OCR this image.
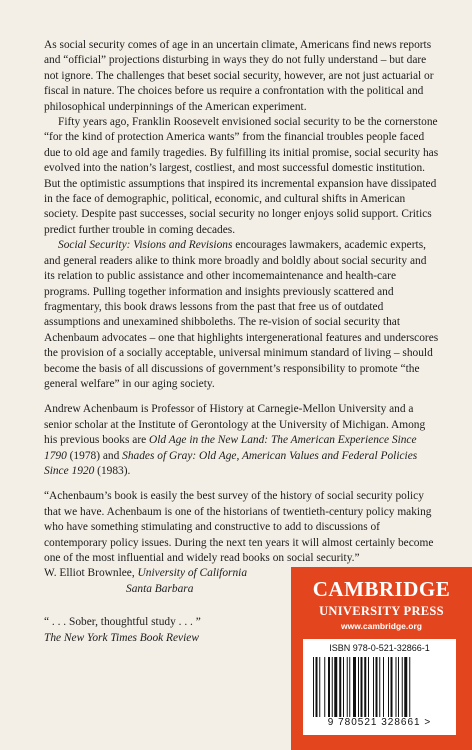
As social security comes of age in an uncertain climate, Americans find news reports and “official” projections disturbing in ways they do not fully understand – but dare not ignore. The challenges that beset social security, however, are not just actuarial or fiscal in nature. The choices before us require a confrontation with the political and philosophical underpinnings of the American experiment.

Fifty years ago, Franklin Roosevelt envisioned social security to be the cornerstone “for the kind of protection America wants” from the financial troubles people faced due to old age and family tragedies. By fulfilling its initial promise, social security has evolved into the nation’s largest, costliest, and most successful domestic institution. But the optimistic assumptions that inspired its incremental expansion have dissipated in the face of demographic, political, economic, and cultural shifts in American society. Despite past successes, social security no longer enjoys solid support. Critics predict further trouble in coming decades.

Social Security: Visions and Revisions encourages lawmakers, academic experts, and general readers alike to think more broadly and boldly about social security and its relation to public assistance and other incomemaintenance and health-care programs. Pulling together information and insights previously scattered and fragmentary, this book draws lessons from the past that free us of outdated assumptions and unexamined shibboleths. The re-vision of social security that Achenbaum advocates – one that highlights intergenerational features and underscores the provision of a socially acceptable, universal minimum standard of living – should become the basis of all discussions of government’s responsibility to promote “the general welfare” in our aging society.

Andrew Achenbaum is Professor of History at Carnegie-Mellon University and a senior scholar at the Institute of Gerontology at the University of Michigan. Among his previous books are Old Age in the New Land: The American Experience Since 1790 (1978) and Shades of Gray: Old Age, American Values and Federal Policies Since 1920 (1983).

“Achenbaum’s book is easily the best survey of the history of social security policy that we have. Achenbaum is one of the historians of twentieth-century policy making who have something stimulating and constructive to add to discussions of contemporary policy issues. During the next ten years it will almost certainly become one of the most influential and widely read books on social security.”

W. Elliot Brownlee, University of California

Santa Barbara

“ . . . Sober, thoughtful study . . . ”

The New York Times Book Review

CAMBRIDGE
UNIVERSITY PRESS
www.cambridge.org
ISBN 978-0-521-32866-1
9 780521 328661 >
